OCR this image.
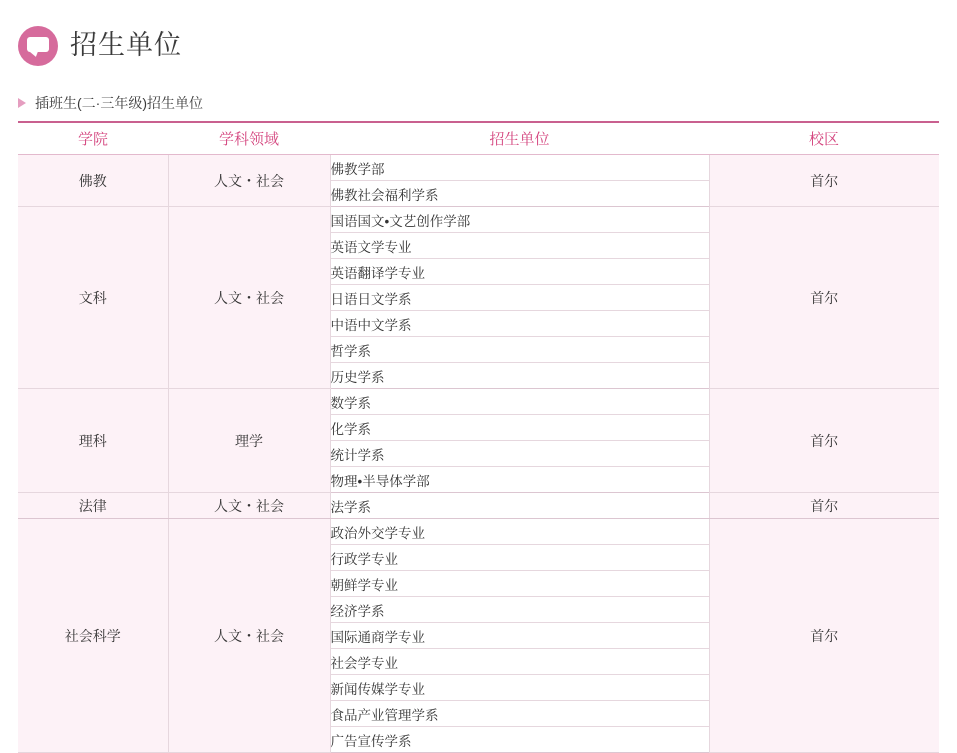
招生单位
插班生(二·三年级)招生单位
学院	学科领域	招生单位	校区
佛教	人文・社会	佛教学部	首尔
		佛教社会福利学系	
文科	人文・社会	国语国文•文艺创作学部	首尔
		英语文学专业	
		英语翻译学专业	
		日语日文学系	
		中语中文学系	
		哲学系	
		历史学系	
理科	理学	数学系	首尔
		化学系	
		统计学系	
		物理•半导体学部	
法律	人文・社会	法学系	首尔
社会科学	人文・社会	政治外交学专业	首尔
		行政学专业	
		朝鲜学专业	
		经济学系	
		国际通商学专业	
		社会学专业	
		新闻传媒学专业	
		食品产业管理学系	
		广告宣传学系	
